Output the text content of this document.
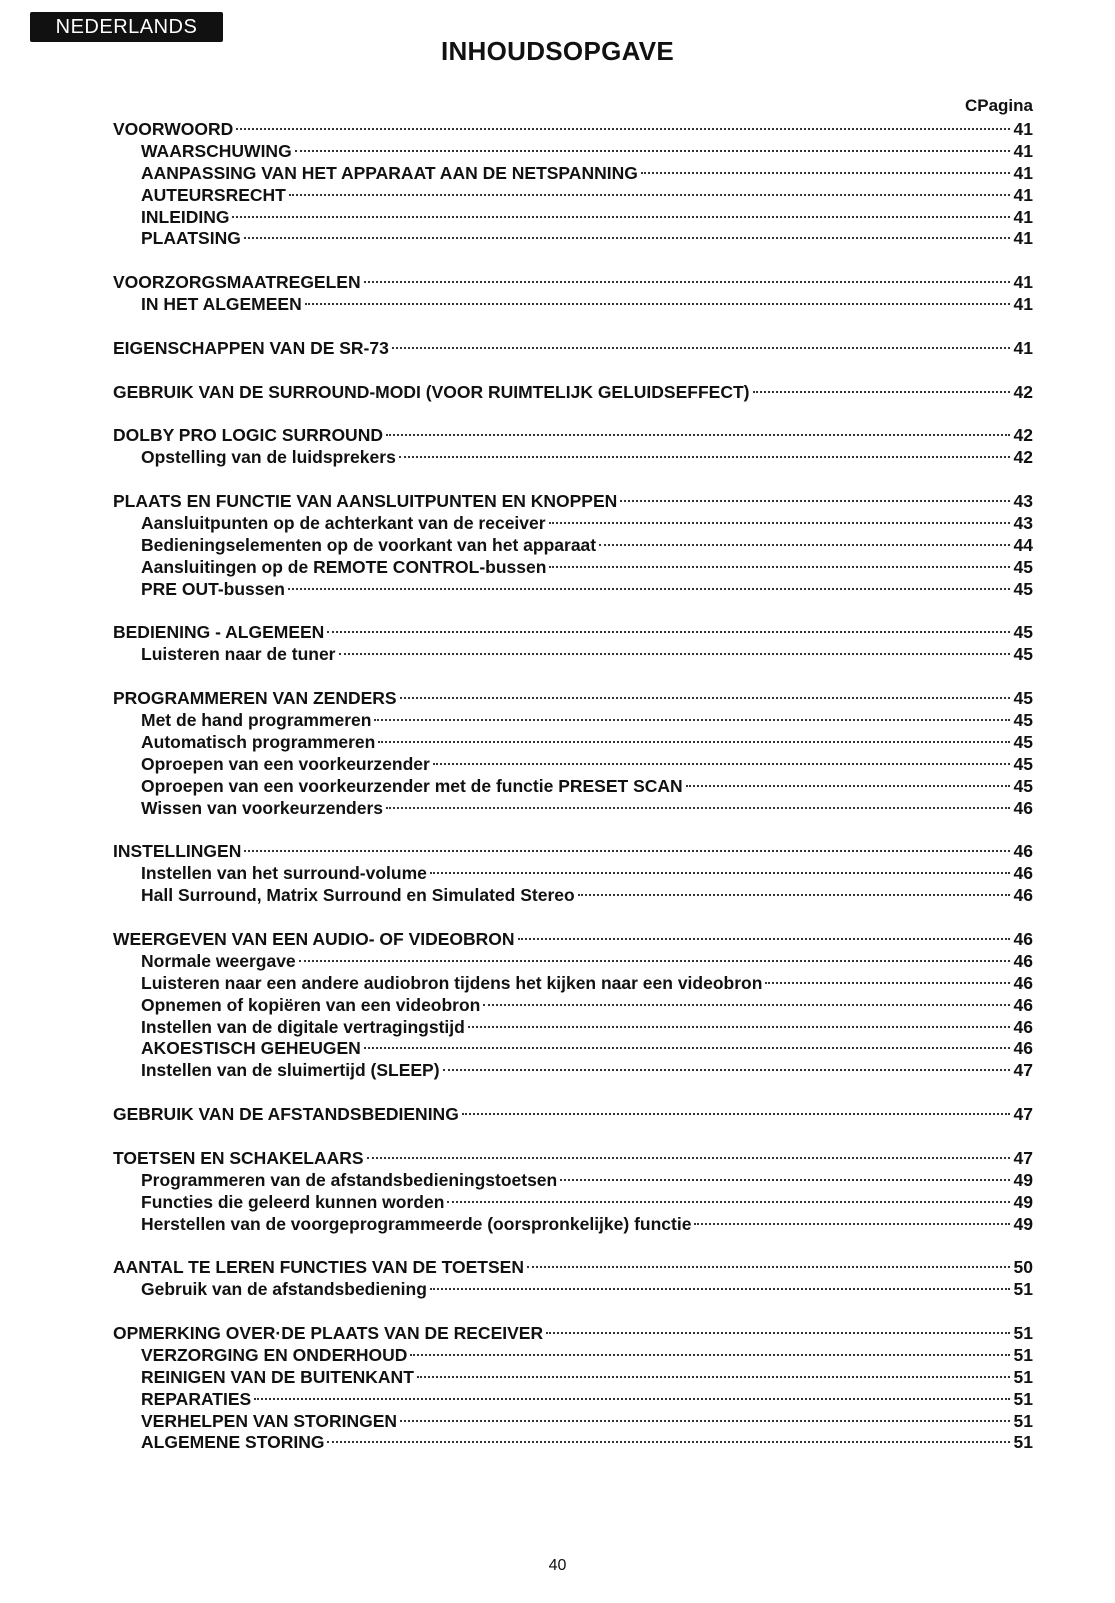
NEDERLANDS
INHOUDSOPGAVE
CPagina
VOORWOORD	41
WAARSCHUWING	41
AANPASSING VAN HET APPARAAT AAN DE NETSPANNING	41
AUTEURSRECHT	41
INLEIDING	41
PLAATSING	41
VOORZORGSMAATREGELEN	41
IN HET ALGEMEEN	41
EIGENSCHAPPEN VAN DE SR-73	41
GEBRUIK VAN DE SURROUND-MODI (VOOR RUIMTELIJK GELUIDSEFFECT)	42
DOLBY PRO LOGIC SURROUND	42
Opstelling van de luidsprekers	42
PLAATS EN FUNCTIE VAN AANSLUITPUNTEN EN KNOPPEN	43
Aansluitpunten op de achterkant van de receiver	43
Bedieningselementen op de voorkant van het apparaat	44
Aansluitingen op de REMOTE CONTROL-bussen	45
PRE OUT-bussen	45
BEDIENING - ALGEMEEN	45
Luisteren naar de tuner	45
PROGRAMMEREN VAN ZENDERS	45
Met de hand programmeren	45
Automatisch programmeren	45
Oproepen van een voorkeurzender	45
Oproepen van een voorkeurzender met de functie PRESET SCAN	45
Wissen van voorkeurzenders	46
INSTELLINGEN	46
Instellen van het surround-volume	46
Hall Surround, Matrix Surround en Simulated Stereo	46
WEERGEVEN VAN EEN AUDIO- OF VIDEOBRON	46
Normale weergave	46
Luisteren naar een andere audiobron tijdens het kijken naar een videobron	46
Opnemen of kopiëren van een videobron	46
Instellen van de digitale vertragingstijd	46
AKOESTISCH GEHEUGEN	46
Instellen van de sluimertijd (SLEEP)	47
GEBRUIK VAN DE AFSTANDSBEDIENING	47
TOETSEN EN SCHAKELAARS	47
Programmeren van de afstandsbedieningstoetsen	49
Functies die geleerd kunnen worden	49
Herstellen van de voorgeprogrammeerde (oorspronkelijke) functie	49
AANTAL TE LEREN FUNCTIES VAN DE TOETSEN	50
Gebruik van de afstandsbediening	51
OPMERKING OVER·DE PLAATS VAN DE RECEIVER	51
VERZORGING EN ONDERHOUD	51
REINIGEN VAN DE BUITENKANT	51
REPARATIES	51
VERHELPEN VAN STORINGEN	51
ALGEMENE STORING	51
40
